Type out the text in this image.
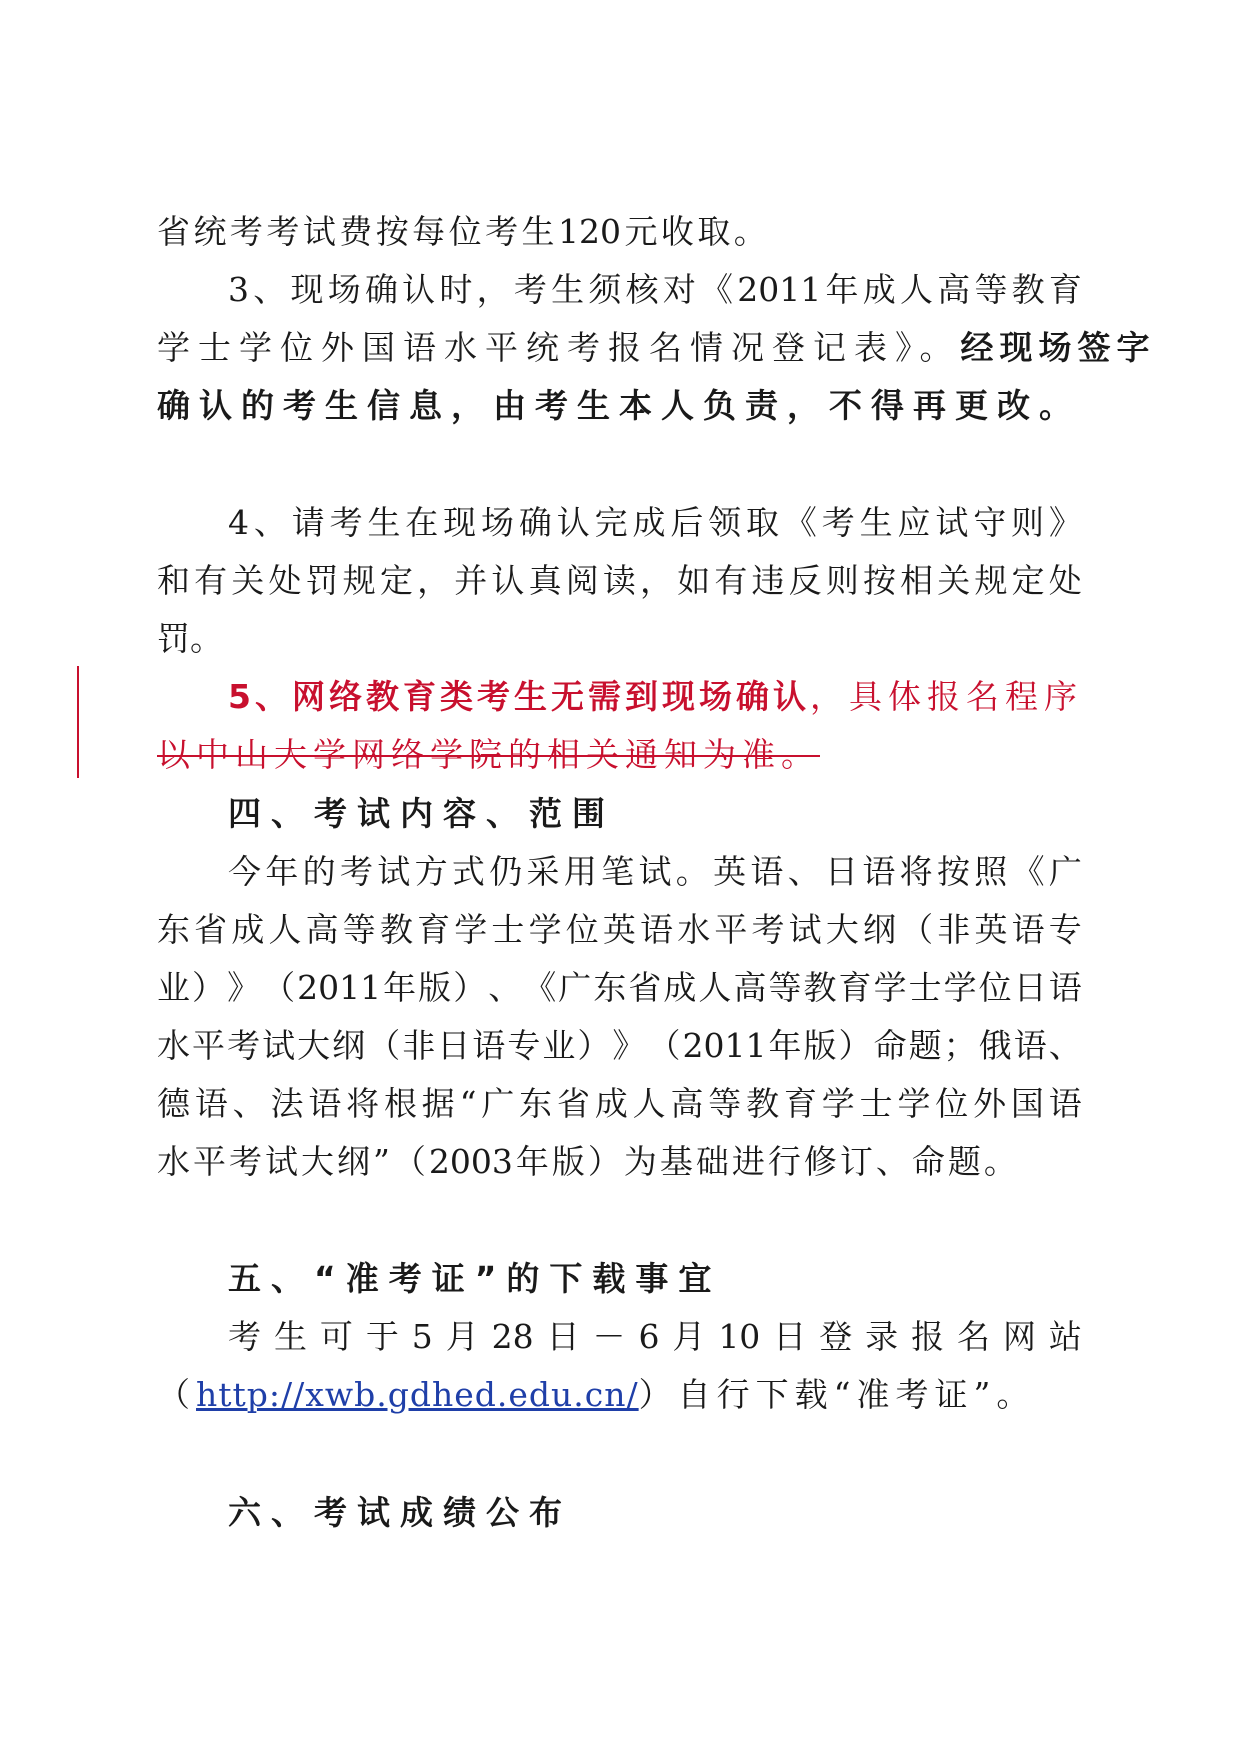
省 统 考 考 试 费 按 每 位 考 生 120 元 收 取 。
3 、 现 场 确 认 时 ， 考 生 须 核 对 《 2011 年 成 人 高 等 教 育
学士学位外国语水平统考报名情况登记表》。经现场签字
确认的考生信息，由考生本人负责，不得再更改。
4 、 请 考 生 在 现 场 确 认 完 成 后 领 取 《 考 生 应 试 守 则 》
和 有 关 处 罚 规 定 ， 并 认 真 阅 读 ， 如 有 违 反 则 按 相 关 规 定 处
罚。
5、网络教育类考生无需到现场确认，具体报名程序
以中山大学网络学院的相关通知为准。
四、考试内容、范围
今 年 的 考 试 方 式 仍 采 用 笔 试 。 英 语 、 日 语 将 按 照 《 广
东 省 成 人 高 等 教 育 学 士 学 位 英 语 水 平 考 试 大 纲 （ 非 英 语 专
业 ） 》 （ 2011 年 版 ） 、 《 广 东 省 成 人 高 等 教 育 学 士 学 位 日 语
水 平 考 试 大 纲 （ 非 日 语 专 业 ） 》 （ 2011 年 版 ） 命 题 ； 俄 语 、
德 语 、 法 语 将 根 据 “ 广 东 省 成 人 高 等 教 育 学 士 学 位 外 国 语
水 平 考 试 大 纲 ” （ 2003 年 版 ） 为 基 础 进 行 修 订 、 命 题 。
五、“准考证”的下载事宜
考 生 可 于 5 月 28 日 － 6 月 10 日 登 录 报 名 网 站
（http://xwb.gdhed.edu.cn/）自行下载“准考证”。
六、考试成绩公布
